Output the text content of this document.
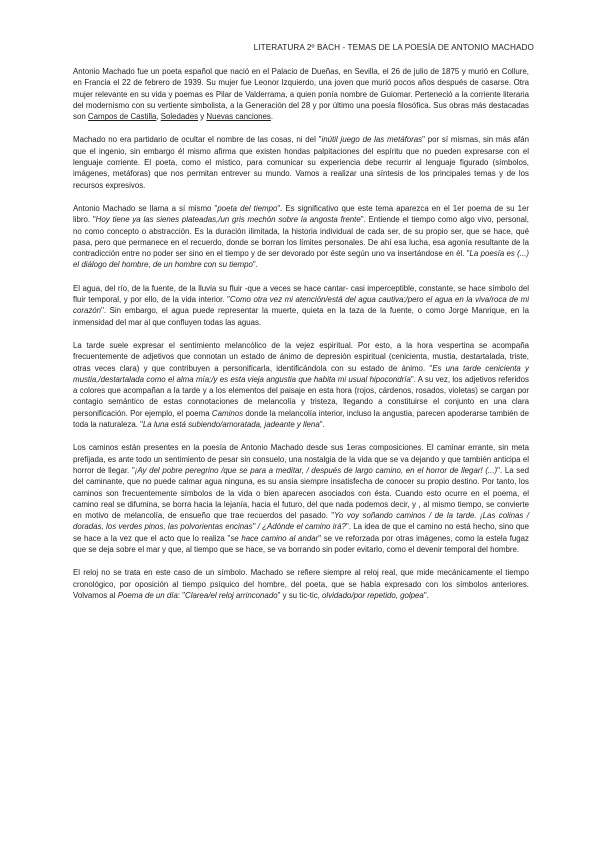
LITERATURA 2º BACH - TEMAS DE LA POESÍA DE ANTONIO MACHADO

Antonio Machado fue un poeta español que nació en el Palacio de Dueñas, en Sevilla, el 26 de julio de 1875 y murió en Collure, en Francia el 22 de febrero de 1939. Su mujer fue Leonor Izquierdo, una joven que murió pocos años después de casarse. Otra mujer relevante en su vida y poemas es Pilar de Valderrama, a quien ponía nombre de Guiomar. Perteneció a la corriente literaria del modernismo con su vertiente simbolista, a la Generación del 28 y por último una poesía filosófica. Sus obras más destacadas son Campos de Castilla, Soledades y Nuevas canciones.

Machado no era partidario de ocultar el nombre de las cosas, ni del "inútil juego de las metáforas" por sí mismas, sin más afán que el ingenio, sin embargo él mismo afirma que existen hondas palpitaciones del espíritu que no pueden expresarse con el lenguaje corriente. El poeta, como el místico, para comunicar su experiencia debe recurrir al lenguaje figurado (símbolos, imágenes, metáforas) que nos permitan entrever su mundo. Vamos a realizar una síntesis de los principales temas y de los recursos expresivos.

Antonio Machado se llama a sí mismo "poeta del tiempo". Es significativo que este tema aparezca en el 1er poema de su 1er libro. "Hoy tiene ya las sienes plateadas,/un gris mechón sobre la angosta frente". Entiende el tiempo como algo vivo, personal, no como concepto o abstracción. Es la duración ilimitada, la historia individual de cada ser, de su propio ser, que se hace, qué pasa, pero que permanece en el recuerdo, donde se borran los límites personales. De ahí esa lucha, esa agonía resultante de la contradicción entre no poder ser sino en el tiempo y de ser devorado por éste según uno va insertándose en él. "La poesía es (...) el diálogo del hombre, de un hombre con su tiempo".

El agua, del río, de la fuente, de la lluvia su fluir -que a veces se hace cantar- casi imperceptible, constante, se hace símbolo del fluir temporal, y por ello, de la vida interior. "Como otra vez mi atención/está del agua cautiva;/pero el agua en la viva/roca de mi corazón". Sin embargo, el agua puede representar la muerte, quieta en la taza de la fuente, o como Jorge Manrique, en la inmensidad del mar al que confluyen todas las aguas.

La tarde suele expresar el sentimiento melancólico de la vejez espiritual. Por esto, a la hora vespertina se acompaña frecuentemente de adjetivos que connotan un estado de ánimo de depresión espiritual (cenicienta, mustia, destartalada, triste, otras veces clara) y que contribuyen a personificarla, identificándola con su estado de ánimo. "Es una tarde cenicienta y mustia,/destartalada como el alma mía;/y es esta vieja angustia que habita mi usual hipocondría". A su vez, los adjetivos referidos a colores que acompañan a la tarde y a los elementos del paisaje en esta hora (rojos, cárdenos, rosados, violetas) se cargan por contagio semántico de estas connotaciones de melancolía y tristeza, llegando a constituirse el conjunto en una clara personificación. Por ejemplo, el poema Caminos donde la melancolía interior, incluso la angustia, parecen apoderarse también de toda la naturaleza. "La luna está subiendo/amoratada, jadeante y llena".

Los caminos están presentes en la poesía de Antonio Machado desde sus 1eras composiciones. El caminar errante, sin meta prefijada, es ante todo un sentimiento de pesar sin consuelo, una nostalgia de la vida que se va dejando y que también anticipa el horror de llegar. "¡Ay del pobre peregrino /que se para a meditar, / después de largo camino, en el horror de llegar! (...)". La sed del caminante, que no puede calmar agua ninguna, es su ansia siempre insatisfecha de conocer su propio destino. Por tanto, los caminos son frecuentemente símbolos de la vida o bien aparecen asociados con ésta. Cuando esto ocurre en el poema, el camino real se difumina, se borra hacia la lejanía, hacia el futuro, del que nada podemos decir, y , al mismo tiempo, se convierte en motivo de melancolía, de ensueño que trae recuerdos del pasado. "Yo voy soñando caminos / de la tarde. ¡Las colinas / doradas, los verdes pinos, las polvorientas encinas" / ¿Adónde el camino irá?". La idea de que el camino no está hecho, sino que se hace a la vez que el acto que lo realiza "se hace camino al andar" se ve reforzada por otras imágenes, como la estela fugaz que se deja sobre el mar y que, al tiempo que se hace, se va borrando sin poder evitarlo, como el devenir temporal del hombre.

El reloj no se trata en este caso de un símbolo. Machado se refiere siempre al reloj real, que mide mecánicamente el tiempo cronológico, por oposición al tiempo psíquico del hombre, del poeta, que se había expresado con los símbolos anteriores. Volvamos al Poema de un día: "Clarea/el reloj arrinconado" y su tic-tic, olvidado/por repetido, golpea".
